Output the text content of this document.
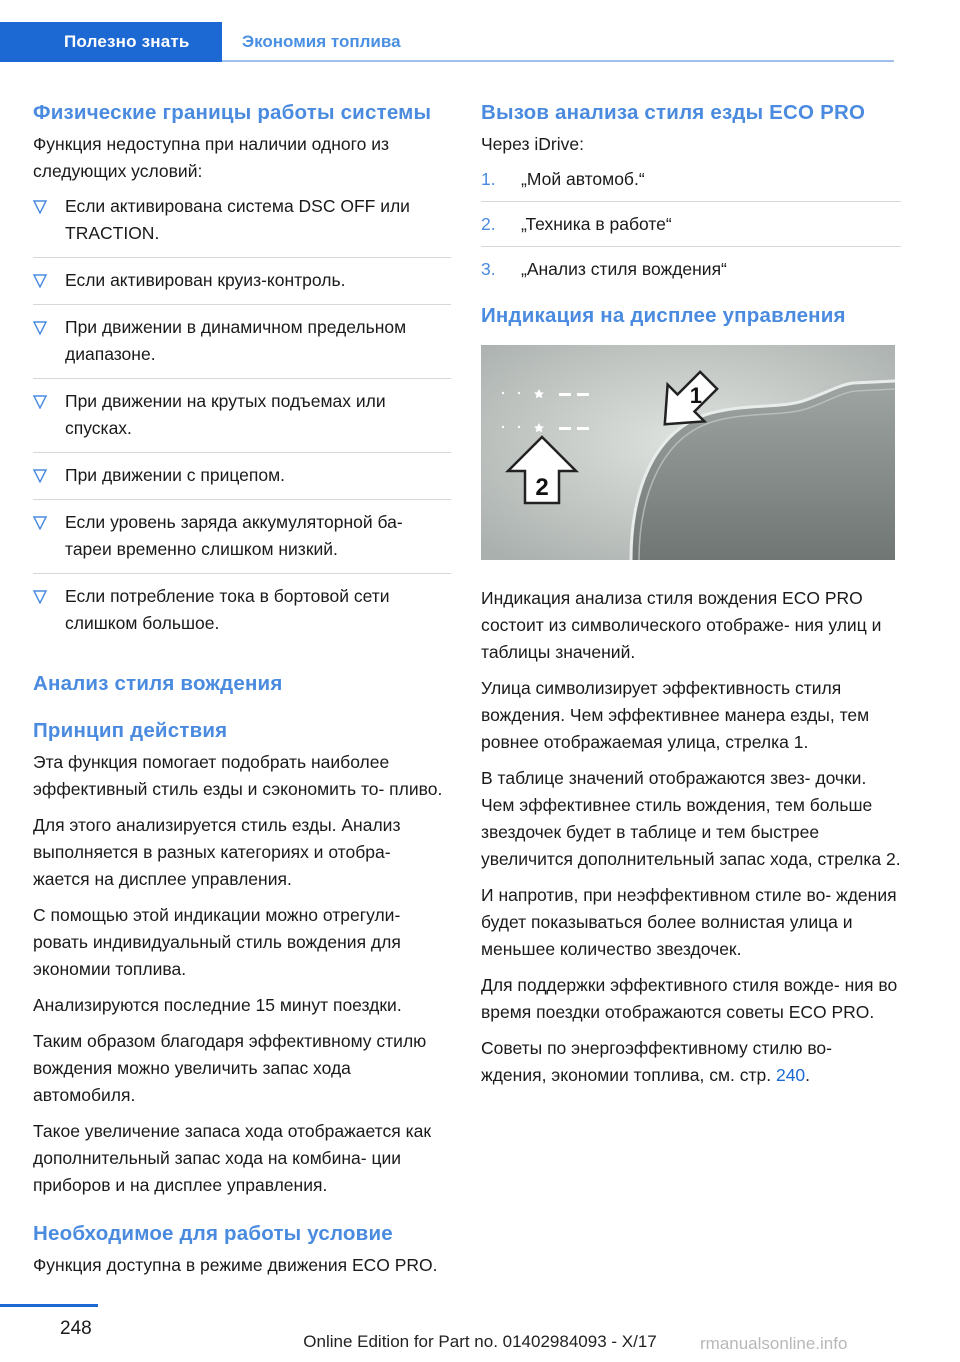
Полезно знать	Экономия топлива
Физические границы работы системы

Функция недоступна при наличии одного из следующих условий:

Если активирована система DSC OFF или TRACTION.
Если активирован круиз-контроль.
При движении в динамичном предельном диапазоне.
При движении на крутых подъемах или спусках.
При движении с прицепом.
Если уровень заряда аккумуляторной ба- тареи временно слишком низкий.
Если потребление тока в бортовой сети слишком большое.
Анализ стиля вождения
Принцип действия

Эта функция помогает подобрать наиболее эффективный стиль езды и сэкономить то- пливо.

Для этого анализируется стиль езды. Анализ выполняется в разных категориях и отобра- жается на дисплее управления.

С помощью этой индикации можно отрегули- ровать индивидуальный стиль вождения для экономии топлива.

Анализируются последние 15 минут поездки.

Таким образом благодаря эффективному стилю вождения можно увеличить запас хода автомобиля.

Такое увеличение запаса хода отображается как дополнительный запас хода на комбина- ции приборов и на дисплее управления.

Необходимое для работы условие

Функция доступна в режиме движения ECO PRO.

Вызов анализа стиля езды ECO PRO

Через iDrive:

1. „Мой автомоб.“
2. „Техника в работе“
3. „Анализ стиля вождения“
Индикация на дисплее управления
1
2

Индикация анализа стиля вождения ECO PRO состоит из символического отображе- ния улиц и таблицы значений.

Улица символизирует эффективность стиля вождения. Чем эффективнее манера езды, тем ровнее отображаемая улица, стрелка 1.

В таблице значений отображаются звез- дочки. Чем эффективнее стиль вождения, тем больше звездочек будет в таблице и тем быстрее увеличится дополнительный запас хода, стрелка 2.

И напротив, при неэффективном стиле во- ждения будет показываться более волнистая улица и меньшее количество звездочек.

Для поддержки эффективного стиля вожде- ния во время поездки отображаются советы ECO PRO.

Советы по энергоэффективному стилю во- ждения, экономии топлива, см. стр. 240.

248
Online Edition for Part no. 01402984093 - X/17	rmanualsonline.info
